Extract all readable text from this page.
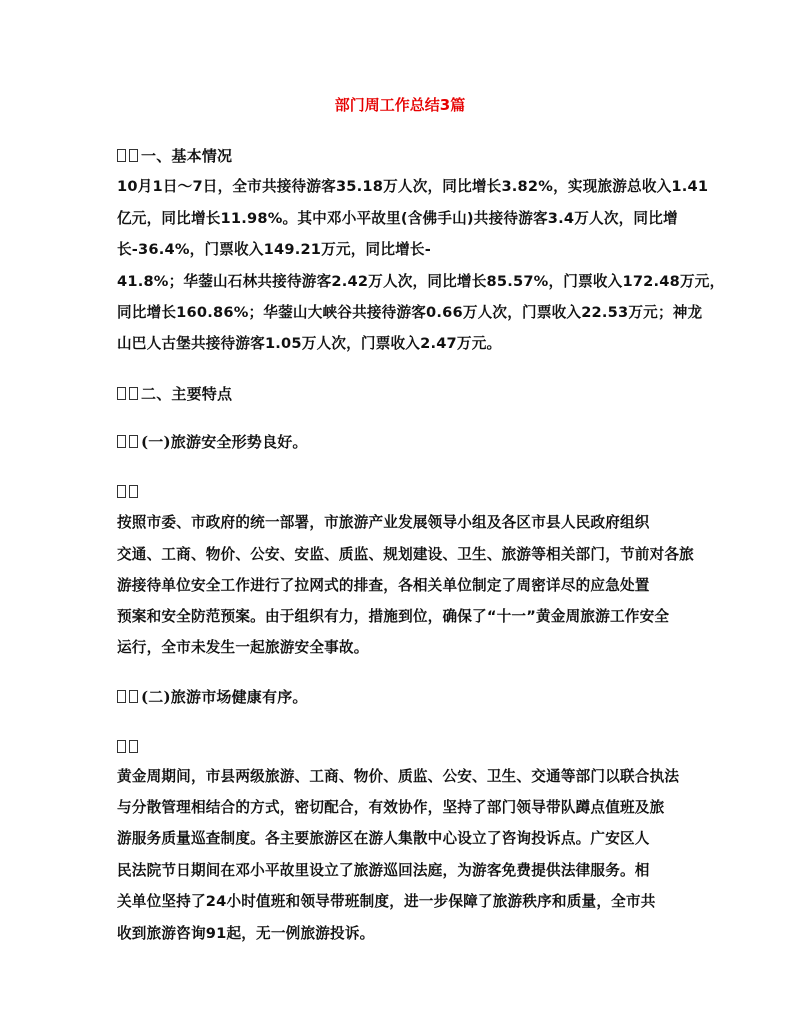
部门周工作总结3篇
一、基本情况
10月1日～7日，全市共接待游客35.18万人次，同比增长3.82%，实现旅游总收入1.41
亿元，同比增长11.98%。其中邓小平故里(含佛手山)共接待游客3.4万人次，同比增
长-36.4%，门票收入149.21万元，同比增长-
41.8%；华蓥山石林共接待游客2.42万人次，同比增长85.57%，门票收入172.48万元，
同比增长160.86%；华蓥山大峡谷共接待游客0.66万人次，门票收入22.53万元；神龙
山巴人古堡共接待游客1.05万人次，门票收入2.47万元。
二、主要特点
(一)旅游安全形势良好。
按照市委、市政府的统一部署，市旅游产业发展领导小组及各区市县人民政府组织
交通、工商、物价、公安、安监、质监、规划建设、卫生、旅游等相关部门，节前对各旅
游接待单位安全工作进行了拉网式的排查，各相关单位制定了周密详尽的应急处置
预案和安全防范预案。由于组织有力，措施到位，确保了“十一”黄金周旅游工作安全
运行，全市未发生一起旅游安全事故。
(二)旅游市场健康有序。
黄金周期间，市县两级旅游、工商、物价、质监、公安、卫生、交通等部门以联合执法
与分散管理相结合的方式，密切配合，有效协作，坚持了部门领导带队蹲点值班及旅
游服务质量巡查制度。各主要旅游区在游人集散中心设立了咨询投诉点。广安区人
民法院节日期间在邓小平故里设立了旅游巡回法庭，为游客免费提供法律服务。相
关单位坚持了24小时值班和领导带班制度，进一步保障了旅游秩序和质量，全市共
收到旅游咨询91起，无一例旅游投诉。
